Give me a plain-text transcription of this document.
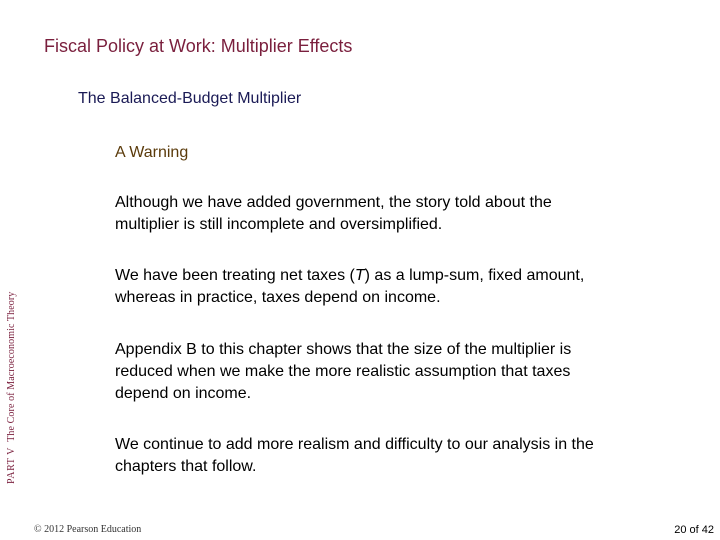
Fiscal Policy at Work: Multiplier Effects
The Balanced-Budget Multiplier
A Warning
Although we have added government, the story told about the multiplier is still incomplete and oversimplified.
We have been treating net taxes (T) as a lump-sum, fixed amount, whereas in practice, taxes depend on income.
Appendix B to this chapter shows that the size of the multiplier is reduced when we make the more realistic assumption that taxes depend on income.
We continue to add more realism and difficulty to our analysis in the chapters that follow.
PART V  The Core of Macroeconomic Theory
© 2012 Pearson Education	20 of 42
